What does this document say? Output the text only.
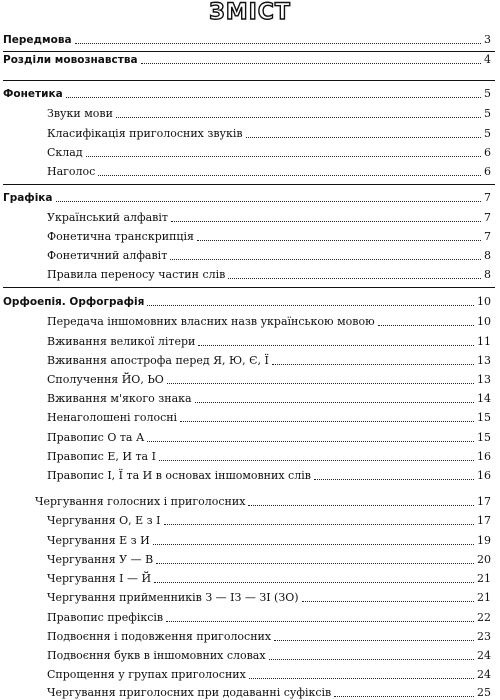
ЗМІСТ
Передмова	3
Розділи мовознавства	4
Фонетика	5
Звуки мови	5
Класифікація приголосних звуків	5
Склад	6
Наголос	6
Графіка	7
Український алфавіт	7
Фонетична транскрипція	7
Фонетичний алфавіт	8
Правила переносу частин слів	8
Орфоепія. Орфографія	10
Передача іншомовних власних назв українською мовою	10
Вживання великої літери	11
Вживання апострофа перед Я, Ю, Є, Ї	13
Сполучення ЙО, ЬО	13
Вживання м'якого знака	14
Ненаголошені голосні	15
Правопис О та А	15
Правопис Е, И та І	16
Правопис І, Ї та И в основах іншомовних слів	16
Чергування голосних і приголосних	17
Чергування О, Е з І	17
Чергування Е з И	19
Чергування У — В	20
Чергування І — Й	21
Чергування прийменників З — ІЗ — ЗІ (ЗО)	21
Правопис префіксів	22
Подвоєння і подовження приголосних	23
Подвоєння букв в іншомовних словах	24
Спрощення у групах приголосних	24
Чергування приголосних при додаванні суфіксів	25
